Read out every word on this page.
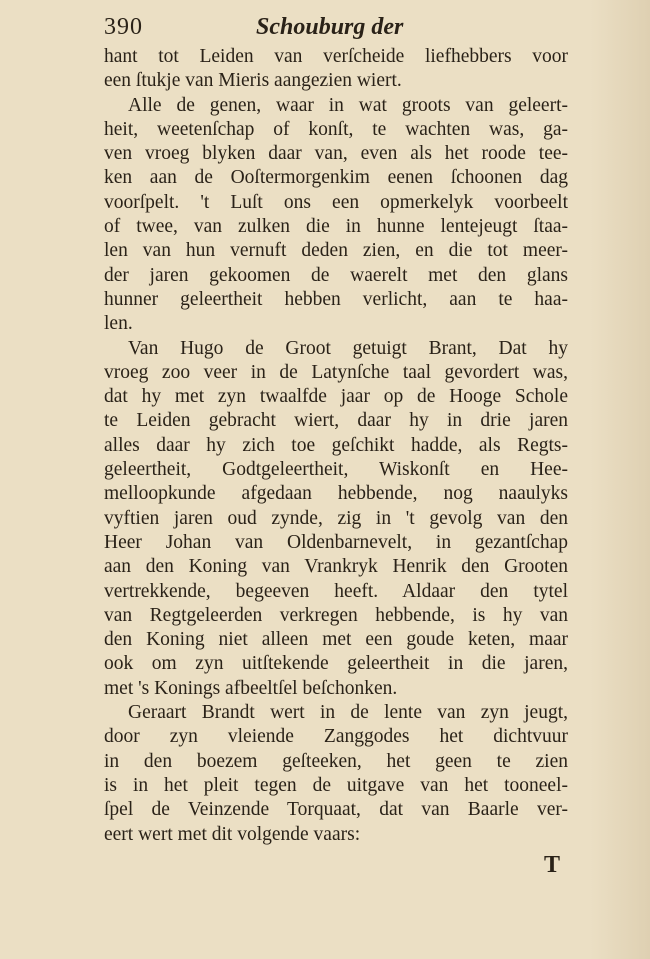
390	Schouburg der
hant tot Leiden van verſcheide liefhebbers voor
een ſtukje van Mieris aangezien wiert.
Alle de genen, waar in wat groots van geleert-
heit, weetenſchap of konſt, te wachten was, ga-
ven vroeg blyken daar van, even als het roode tee-
ken aan de Ooſtermorgenkim eenen ſchoonen dag
voorſpelt. 't Luſt ons een opmerkelyk voorbeelt
of twee, van zulken die in hunne lentejeugt ſtaa-
len van hun vernuft deden zien, en die tot meer-
der jaren gekoomen de waerelt met den glans
hunner geleertheit hebben verlicht, aan te haa-
len.
Van Hugo de Groot getuigt Brant, Dat hy
vroeg zoo veer in de Latynſche taal gevordert was,
dat hy met zyn twaalfde jaar op de Hooge Schole
te Leiden gebracht wiert, daar hy in drie jaren
alles daar hy zich toe geſchikt hadde, als Regts-
geleertheit, Godtgeleertheit, Wiskonſt en Hee-
melloopkunde afgedaan hebbende, nog naaulyks
vyftien jaren oud zynde, zig in 't gevolg van den
Heer Johan van Oldenbarnevelt, in gezantſchap
aan den Koning van Vrankryk Henrik den Grooten
vertrekkende, begeeven heeft. Aldaar den tytel
van Regtgeleerden verkregen hebbende, is hy van
den Koning niet alleen met een goude keten, maar
ook om zyn uitſtekende geleertheit in die jaren,
met 's Konings afbeeltſel beſchonken.
Geraart Brandt wert in de lente van zyn jeugt,
door zyn vleiende Zanggodes het dichtvuur
in den boezem geſteeken, het geen te zien
is in het pleit tegen de uitgave van het tooneel-
ſpel de Veinzende Torquaat, dat van Baarle ver-
eert wert met dit volgende vaars:
T
